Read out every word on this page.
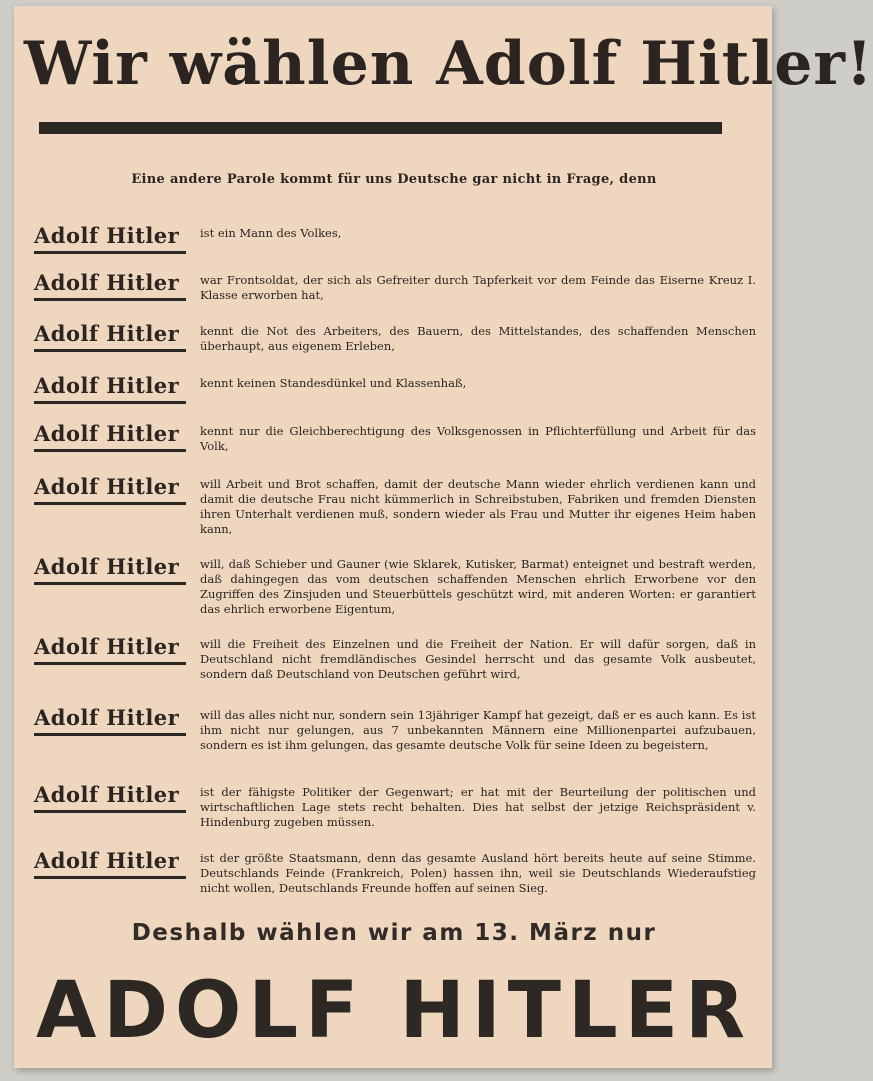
Wir wählen Adolf Hitler!
Eine andere Parole kommt für uns Deutsche gar nicht in Frage, denn
Adolf Hitler	ist ein Mann des Volkes,
Adolf Hitler	war Frontsoldat, der sich als Gefreiter durch Tapferkeit vor dem Feinde das Eiserne Kreuz I. Klasse erworben hat,
Adolf Hitler	kennt die Not des Arbeiters, des Bauern, des Mittelstandes, des schaffenden Menschen überhaupt, aus eigenem Erleben,
Adolf Hitler	kennt keinen Standesdünkel und Klassenhaß,
Adolf Hitler	kennt nur die Gleichberechtigung des Volksgenossen in Pflichterfüllung und Arbeit für das Volk,
Adolf Hitler	will Arbeit und Brot schaffen, damit der deutsche Mann wieder ehrlich verdienen kann und damit die deutsche Frau nicht kümmerlich in Schreibstuben, Fabriken und fremden Diensten ihren Unterhalt verdienen muß, sondern wieder als Frau und Mutter ihr eigenes Heim haben kann,
Adolf Hitler	will, daß Schieber und Gauner (wie Sklarek, Kutisker, Barmat) enteignet und bestraft werden, daß dahingegen das vom deutschen schaffenden Menschen ehrlich Erworbene vor den Zugriffen des Zinsjuden und Steuerbüttels geschützt wird, mit anderen Worten: er garantiert das ehrlich erworbene Eigentum,
Adolf Hitler	will die Freiheit des Einzelnen und die Freiheit der Nation. Er will dafür sorgen, daß in Deutschland nicht fremdländisches Gesindel herrscht und das gesamte Volk ausbeutet, sondern daß Deutschland von Deutschen geführt wird,
Adolf Hitler	will das alles nicht nur, sondern sein 13jähriger Kampf hat gezeigt, daß er es auch kann. Es ist ihm nicht nur gelungen, aus 7 unbekannten Männern eine Millionenpartei aufzubauen, sondern es ist ihm gelungen, das gesamte deutsche Volk für seine Ideen zu begeistern,
Adolf Hitler	ist der fähigste Politiker der Gegenwart; er hat mit der Beurteilung der politischen und wirtschaftlichen Lage stets recht behalten. Dies hat selbst der jetzige Reichspräsident v. Hindenburg zugeben müssen.
Adolf Hitler	ist der größte Staatsmann, denn das gesamte Ausland hört bereits heute auf seine Stimme. Deutschlands Feinde (Frankreich, Polen) hassen ihn, weil sie Deutschlands Wiederaufstieg nicht wollen, Deutschlands Freunde hoffen auf seinen Sieg.
Deshalb wählen wir am 13. März nur
ADOLF HITLER
